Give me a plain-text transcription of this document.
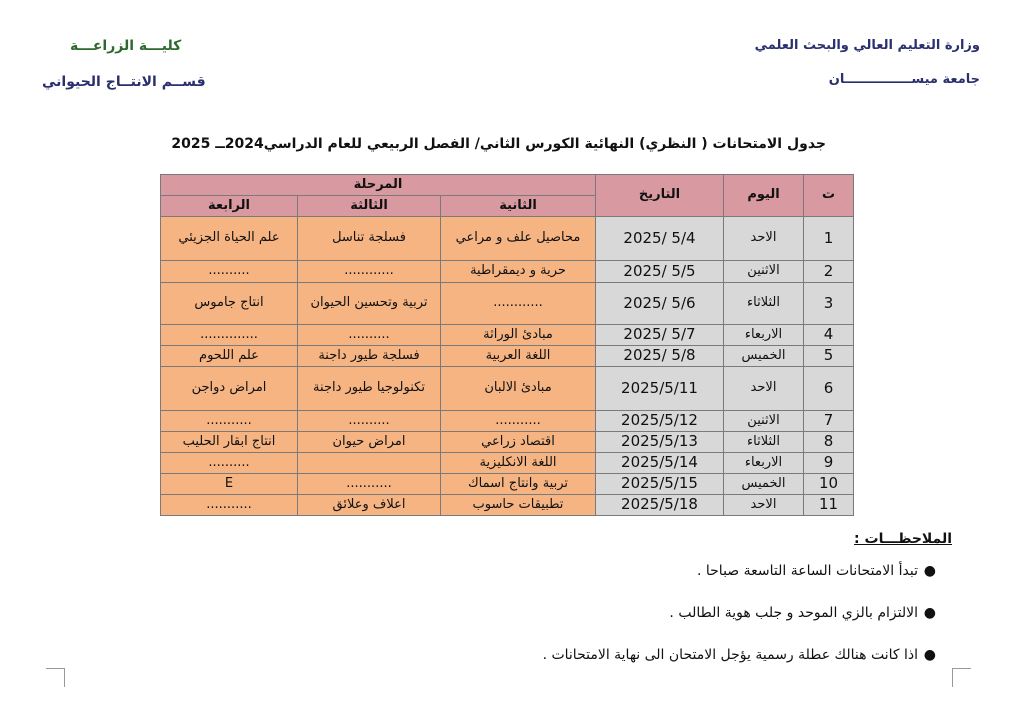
وزارة التعليم العالي والبحث العلمي
جامعة ميســـــــــــــــان
كليـــة الزراعـــة
قســم الانتــاج الحيواني
جدول الامتحانات ( النظري) النهائية الكورس الثاني/ الفصل الربيعي للعام الدراسي2024ــ 2025
ت	اليوم	التاريخ	المرحلة		
			الثانية	الثالثة	الرابعة
1	الاحد	2025/ 5/4	محاصيل علف و مراعي	فسلجة تناسل	علم الحياة الجزيئي
2	الاثنين	2025/ 5/5	حرية و ديمقراطية	............	..........
3	الثلاثاء	2025/ 5/6	............	تربية وتحسين الحيوان	انتاج جاموس
4	الاربعاء	2025/ 5/7	مبادئ الوراثة	..........	..............
5	الخميس	2025/ 5/8	اللغة العربية	فسلجة طيور داجنة	علم اللحوم
6	الاحد	2025/5/11	مبادئ الالبان	تكنولوجيا طيور داجنة	امراض دواجن
7	الاثنين	2025/5/12	...........	..........	...........
8	الثلاثاء	2025/5/13	اقتصاد زراعي	امراض حيوان	انتاج ابقار الحليب
9	الاربعاء	2025/5/14	اللغة الانكليزية		..........
10	الخميس	2025/5/15	تربية وانتاج اسماك	...........	E
11	الاحد	2025/5/18	تطبيقات حاسوب	اعلاف وعلائق	...........
الملاحظـــات :
●تبدأ الامتحانات الساعة التاسعة صباحا .
●الالتزام بالزي الموحد و جلب هوية الطالب .
●اذا كانت هنالك عطلة رسمية يؤجل الامتحان الى نهاية الامتحانات .
